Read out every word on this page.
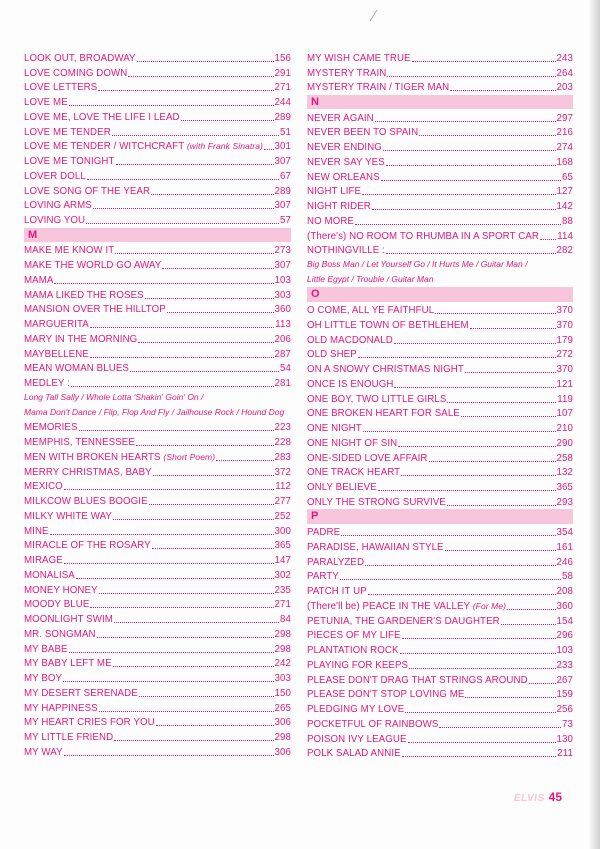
LOOK OUT, BROADWAY	156
LOVE COMING DOWN	291
LOVE LETTERS	271
LOVE ME	244
LOVE ME, LOVE THE LIFE I LEAD	289
LOVE ME TENDER	51
LOVE ME TENDER / WITCHCRAFT (with Frank Sinatra) 301
LOVE ME TONIGHT	307
LOVER DOLL	67
LOVE SONG OF THE YEAR	289
LOVING ARMS	307
LOVING YOU	57
M
MAKE ME KNOW IT	273
MAKE THE WORLD GO AWAY	307
MAMA	103
MAMA LIKED THE ROSES	303
MANSION OVER THE HILLTOP	360
MARGUERITA	113
MARY IN THE MORNING	206
MAYBELLENE	287
MEAN WOMAN BLUES	54
MEDLEY :	281
Long Tall Sally / Whole Lotta 'Shakin' Goin' On /
Mama Don't Dance / Flip, Flop And Fly / Jailhouse Rock / Hound Dog
MEMORIES	223
MEMPHIS, TENNESSEE	228
MEN WITH BROKEN HEARTS (Short Poem)	283
MERRY CHRISTMAS, BABY	372
MEXICO	112
MILKCOW BLUES BOOGIE	277
MILKY WHITE WAY	252
MINE	300
MIRACLE OF THE ROSARY	365
MIRAGE	147
MONALISA	302
MONEY HONEY	235
MOODY BLUE	271
MOONLIGHT SWIM	84
MR. SONGMAN	298
MY BABE	298
MY BABY LEFT ME	242
MY BOY	303
MY DESERT SERENADE	150
MY HAPPINESS	265
MY HEART CRIES FOR YOU	306
MY LITTLE FRIEND	298
MY WAY	306
MY WISH CAME TRUE	243
MYSTERY TRAIN	264
MYSTERY TRAIN / TIGER MAN	203
N
NEVER AGAIN	297
NEVER BEEN TO SPAIN	216
NEVER ENDING	274
NEVER SAY YES	168
NEW ORLEANS	65
NIGHT LIFE	127
NIGHT RIDER	142
NO MORE	88
(There's) NO ROOM TO RHUMBA IN A SPORT CAR 114
NOTHINGVILLE :	282
Big Boss Man / Let Yourself Go / It Hurts Me / Guitar Man /
Little Egypt / Trouble / Guitar Man
O
O COME, ALL YE FAITHFUL	370
OH LITTLE TOWN OF BETHLEHEM	370
OLD MACDONALD	179
OLD SHEP	272
ON A SNOWY CHRISTMAS NIGHT	370
ONCE IS ENOUGH	121
ONE BOY, TWO LITTLE GIRLS	119
ONE BROKEN HEART FOR SALE	107
ONE NIGHT	210
ONE NIGHT OF SIN	290
ONE-SIDED LOVE AFFAIR	258
ONE TRACK HEART	132
ONLY BELIEVE	365
ONLY THE STRONG SURVIVE	293
P
PADRE	354
PARADISE, HAWAIIAN STYLE	161
PARALYZED	246
PARTY	58
PATCH IT UP	208
(There'll be) PEACE IN THE VALLEY (For Me)	360
PETUNIA, THE GARDENER'S DAUGHTER	154
PIECES OF MY LIFE	296
PLANTATION ROCK	103
PLAYING FOR KEEPS	233
PLEASE DON'T DRAG THAT STRINGS AROUND	267
PLEASE DON'T STOP LOVING ME	159
PLEDGING MY LOVE	256
POCKETFUL OF RAINBOWS	73
POISON IVY LEAGUE	130
POLK SALAD ANNIE	211
ELVIS 45
